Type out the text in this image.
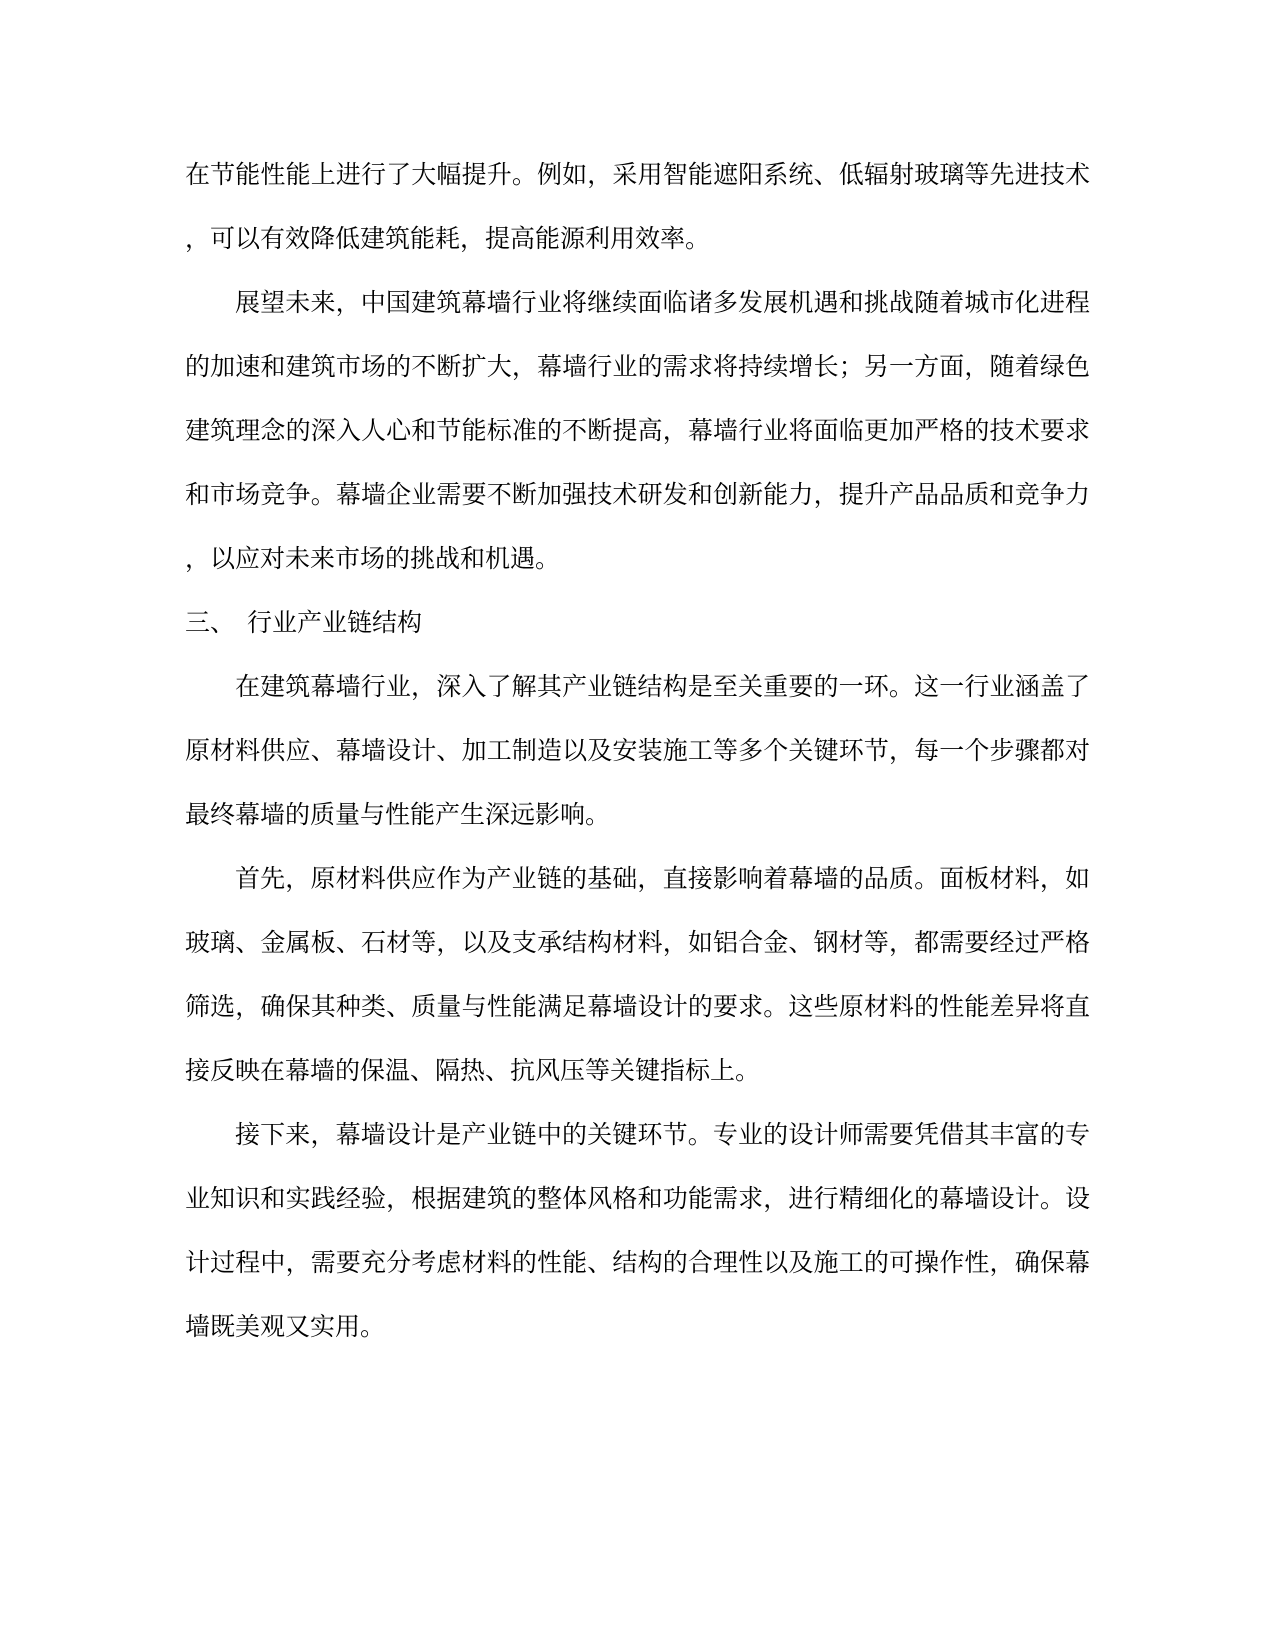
在节能性能上进行了大幅提升。例如，采用智能遮阳系统、低辐射玻璃等先进技术
，可以有效降低建筑能耗，提高能源利用效率。
展望未来，中国建筑幕墙行业将继续面临诸多发展机遇和挑战随着城市化进程
的加速和建筑市场的不断扩大，幕墙行业的需求将持续增长；另一方面，随着绿色
建筑理念的深入人心和节能标准的不断提高，幕墙行业将面临更加严格的技术要求
和市场竞争。幕墙企业需要不断加强技术研发和创新能力，提升产品品质和竞争力
，以应对未来市场的挑战和机遇。
三、 行业产业链结构
在建筑幕墙行业，深入了解其产业链结构是至关重要的一环。这一行业涵盖了
原材料供应、幕墙设计、加工制造以及安装施工等多个关键环节，每一个步骤都对
最终幕墙的质量与性能产生深远影响。
首先，原材料供应作为产业链的基础，直接影响着幕墙的品质。面板材料，如
玻璃、金属板、石材等，以及支承结构材料，如铝合金、钢材等，都需要经过严格
筛选，确保其种类、质量与性能满足幕墙设计的要求。这些原材料的性能差异将直
接反映在幕墙的保温、隔热、抗风压等关键指标上。
接下来，幕墙设计是产业链中的关键环节。专业的设计师需要凭借其丰富的专
业知识和实践经验，根据建筑的整体风格和功能需求，进行精细化的幕墙设计。设
计过程中，需要充分考虑材料的性能、结构的合理性以及施工的可操作性，确保幕
墙既美观又实用。
